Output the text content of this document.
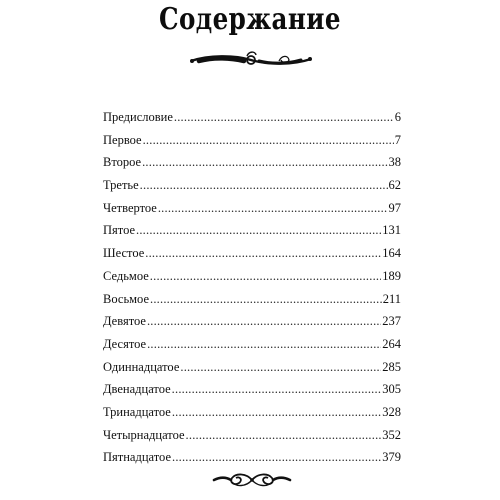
Содержание
Предисловие .....	6
Первое .....	7
Второе .....	38
Третье .....	62
Четвертое .....	97
Пятое .....	131
Шестое .....	164
Седьмое .....	189
Восьмое .....	211
Девятое .....	237
Десятое .....	264
Одиннадцатое .....	285
Двенадцатое .....	305
Тринадцатое .....	328
Четырнадцатое .....	352
Пятнадцатое .....	379
